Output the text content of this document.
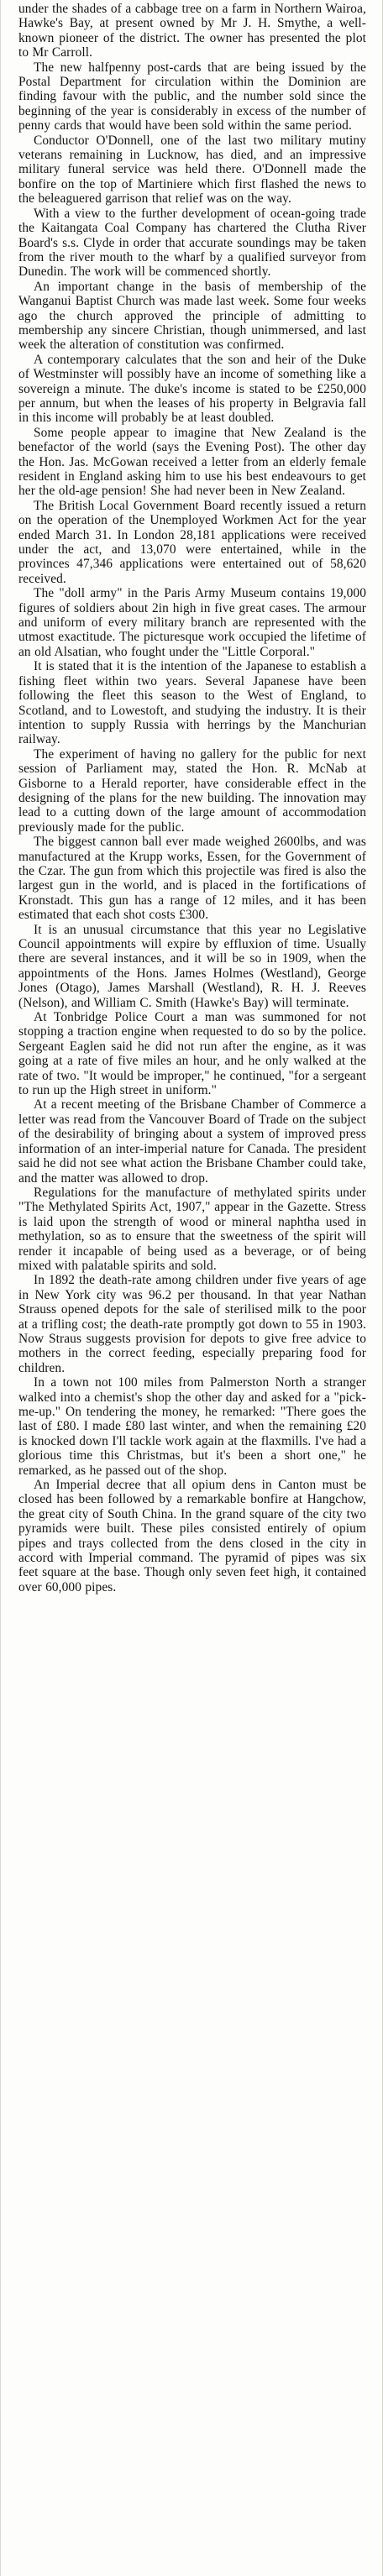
under the shades of a cabbage tree on a farm in Northern Wairoa, Hawke's Bay, at present owned by Mr J. H. Smythe, a well-known pioneer of the district. The owner has presented the plot to Mr Carroll.

The new halfpenny post-cards that are being issued by the Postal Department for circulation within the Dominion are finding favour with the public, and the number sold since the beginning of the year is considerably in excess of the number of penny cards that would have been sold within the same period.

Conductor O'Donnell, one of the last two military mutiny veterans remaining in Lucknow, has died, and an impressive military funeral service was held there. O'Donnell made the bonfire on the top of Martiniere which first flashed the news to the beleaguered garrison that relief was on the way.

With a view to the further development of ocean-going trade the Kaitangata Coal Company has chartered the Clutha River Board's s.s. Clyde in order that accurate soundings may be taken from the river mouth to the wharf by a qualified surveyor from Dunedin. The work will be commenced shortly.

An important change in the basis of membership of the Wanganui Baptist Church was made last week. Some four weeks ago the church approved the principle of admitting to membership any sincere Christian, though unimmersed, and last week the alteration of constitution was confirmed.

A contemporary calculates that the son and heir of the Duke of Westminster will possibly have an income of something like a sovereign a minute. The duke's income is stated to be £250,000 per annum, but when the leases of his property in Belgravia fall in this income will probably be at least doubled.

Some people appear to imagine that New Zealand is the benefactor of the world (says the Evening Post). The other day the Hon. Jas. McGowan received a letter from an elderly female resident in England asking him to use his best endeavours to get her the old-age pension! She had never been in New Zealand.

The British Local Government Board recently issued a return on the operation of the Unemployed Workmen Act for the year ended March 31. In London 28,181 applications were received under the act, and 13,070 were entertained, while in the provinces 47,346 applications were entertained out of 58,620 received.

The "doll army" in the Paris Army Museum contains 19,000 figures of soldiers about 2in high in five great cases. The armour and uniform of every military branch are represented with the utmost exactitude. The picturesque work occupied the lifetime of an old Alsatian, who fought under the "Little Corporal."

It is stated that it is the intention of the Japanese to establish a fishing fleet within two years. Several Japanese have been following the fleet this season to the West of England, to Scotland, and to Lowestoft, and studying the industry. It is their intention to supply Russia with herrings by the Manchurian railway.

The experiment of having no gallery for the public for next session of Parliament may, stated the Hon. R. McNab at Gisborne to a Herald reporter, have considerable effect in the designing of the plans for the new building. The innovation may lead to a cutting down of the large amount of accommodation previously made for the public.

The biggest cannon ball ever made weighed 2600lbs, and was manufactured at the Krupp works, Essen, for the Government of the Czar. The gun from which this projectile was fired is also the largest gun in the world, and is placed in the fortifications of Kronstadt. This gun has a range of 12 miles, and it has been estimated that each shot costs £300.

It is an unusual circumstance that this year no Legislative Council appointments will expire by effluxion of time. Usually there are several instances, and it will be so in 1909, when the appointments of the Hons. James Holmes (Westland), George Jones (Otago), James Marshall (Westland), R. H. J. Reeves (Nelson), and William C. Smith (Hawke's Bay) will terminate.

At Tonbridge Police Court a man was summoned for not stopping a traction engine when requested to do so by the police. Sergeant Eaglen said he did not run after the engine, as it was going at a rate of five miles an hour, and he only walked at the rate of two. "It would be improper," he continued, "for a sergeant to run up the High street in uniform."

At a recent meeting of the Brisbane Chamber of Commerce a letter was read from the Vancouver Board of Trade on the subject of the desirability of bringing about a system of improved press information of an inter-imperial nature for Canada. The president said he did not see what action the Brisbane Chamber could take, and the matter was allowed to drop.

Regulations for the manufacture of methylated spirits under "The Methylated Spirits Act, 1907," appear in the Gazette. Stress is laid upon the strength of wood or mineral naphtha used in methylation, so as to ensure that the sweetness of the spirit will render it incapable of being used as a beverage, or of being mixed with palatable spirits and sold.

In 1892 the death-rate among children under five years of age in New York city was 96.2 per thousand. In that year Nathan Strauss opened depots for the sale of sterilised milk to the poor at a trifling cost; the death-rate promptly got down to 55 in 1903. Now Straus suggests provision for depots to give free advice to mothers in the correct feeding, especially preparing food for children.

In a town not 100 miles from Palmerston North a stranger walked into a chemist's shop the other day and asked for a "pick-me-up." On tendering the money, he remarked: "There goes the last of £80. I made £80 last winter, and when the remaining £20 is knocked down I'll tackle work again at the flaxmills. I've had a glorious time this Christmas, but it's been a short one," he remarked, as he passed out of the shop.

An Imperial decree that all opium dens in Canton must be closed has been followed by a remarkable bonfire at Hangchow, the great city of South China. In the grand square of the city two pyramids were built. These piles consisted entirely of opium pipes and trays collected from the dens closed in the city in accord with Imperial command. The pyramid of pipes was six feet square at the base. Though only seven feet high, it contained over 60,000 pipes.
